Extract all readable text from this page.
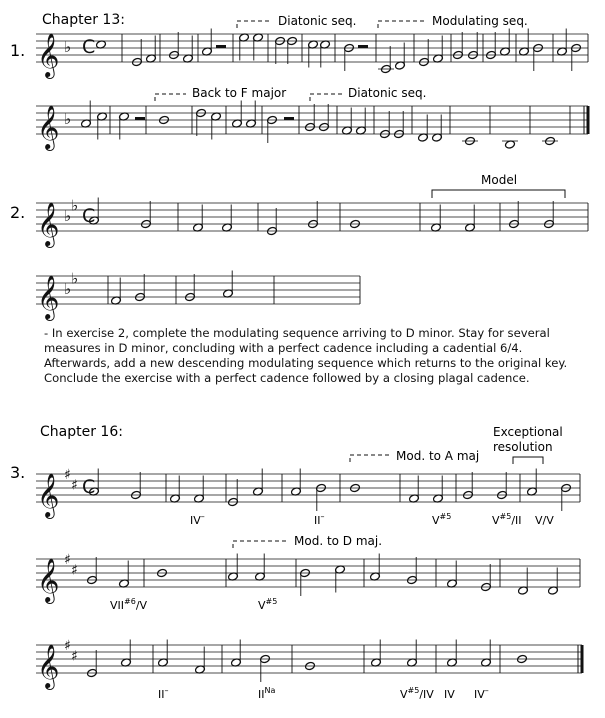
Chapter 13:
Chapter 16:
1.
2.
3.
Diatonic seq.	Modulating seq.
Back to F major	Diatonic seq.
Model
Mod. to A maj
Exceptional
resolution
Mod. to D maj.
IV–	II–	$V^{\#5}$	$V^{\#5}/II$ V/V
VII$^{\#6}$/V	$V^{\#5}$
II–	$II^{Na}$	$V^{\#5}/IV$ IV IV–
𝄞 ♭ C
𝄞 ♭
𝄞 ♭
♭ C
𝄞 ♭
♭
𝄞 ♯
♯ C
𝄞 ♯
♯
𝄞 ♯
♯

- In exercise 2, complete the modulating sequence arriving to D minor. Stay for several
measures in D minor, concluding with a perfect cadence including a cadential 6/4.
Afterwards, add a new descending modulating sequence which returns to the original key.
Conclude the exercise with a perfect cadence followed by a closing plagal cadence.
